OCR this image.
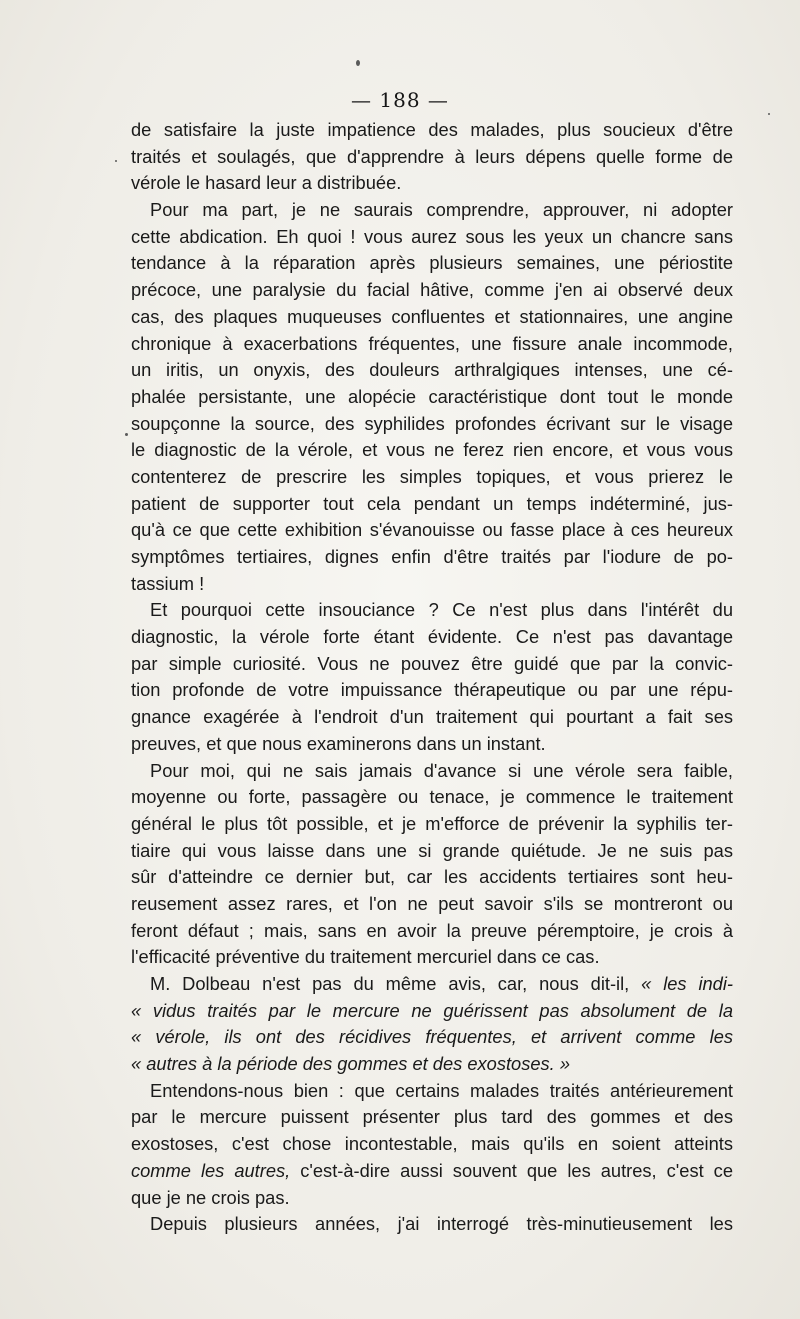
— 188 —
de satisfaire la juste impatience des malades, plus soucieux d'être
traités et soulagés, que d'apprendre à leurs dépens quelle forme de
vérole le hasard leur a distribuée.
Pour ma part, je ne saurais comprendre, approuver, ni adopter
cette abdication. Eh quoi ! vous aurez sous les yeux un chancre sans
tendance à la réparation après plusieurs semaines, une périostite
précoce, une paralysie du facial hâtive, comme j'en ai observé deux
cas, des plaques muqueuses confluentes et stationnaires, une angine
chronique à exacerbations fréquentes, une fissure anale incommode,
un iritis, un onyxis, des douleurs arthralgiques intenses, une cé-
phalée persistante, une alopécie caractéristique dont tout le monde
soupçonne la source, des syphilides profondes écrivant sur le visage
le diagnostic de la vérole, et vous ne ferez rien encore, et vous vous
contenterez de prescrire les simples topiques, et vous prierez le
patient de supporter tout cela pendant un temps indéterminé, jus-
qu'à ce que cette exhibition s'évanouisse ou fasse place à ces heureux
symptômes tertiaires, dignes enfin d'être traités par l'iodure de po-
tassium !
Et pourquoi cette insouciance ? Ce n'est plus dans l'intérêt du
diagnostic, la vérole forte étant évidente. Ce n'est pas davantage
par simple curiosité. Vous ne pouvez être guidé que par la convic-
tion profonde de votre impuissance thérapeutique ou par une répu-
gnance exagérée à l'endroit d'un traitement qui pourtant a fait ses
preuves, et que nous examinerons dans un instant.
Pour moi, qui ne sais jamais d'avance si une vérole sera faible,
moyenne ou forte, passagère ou tenace, je commence le traitement
général le plus tôt possible, et je m'efforce de prévenir la syphilis ter-
tiaire qui vous laisse dans une si grande quiétude. Je ne suis pas
sûr d'atteindre ce dernier but, car les accidents tertiaires sont heu-
reusement assez rares, et l'on ne peut savoir s'ils se montreront ou
feront défaut ; mais, sans en avoir la preuve péremptoire, je crois à
l'efficacité préventive du traitement mercuriel dans ce cas.
M. Dolbeau n'est pas du même avis, car, nous dit-il, « les indi-
« vidus traités par le mercure ne guérissent pas absolument de la
« vérole, ils ont des récidives fréquentes, et arrivent comme les
« autres à la période des gommes et des exostoses. »
Entendons-nous bien : que certains malades traités antérieurement
par le mercure puissent présenter plus tard des gommes et des
exostoses, c'est chose incontestable, mais qu'ils en soient atteints
comme les autres, c'est-à-dire aussi souvent que les autres, c'est ce
que je ne crois pas.
Depuis plusieurs années, j'ai interrogé très-minutieusement les
